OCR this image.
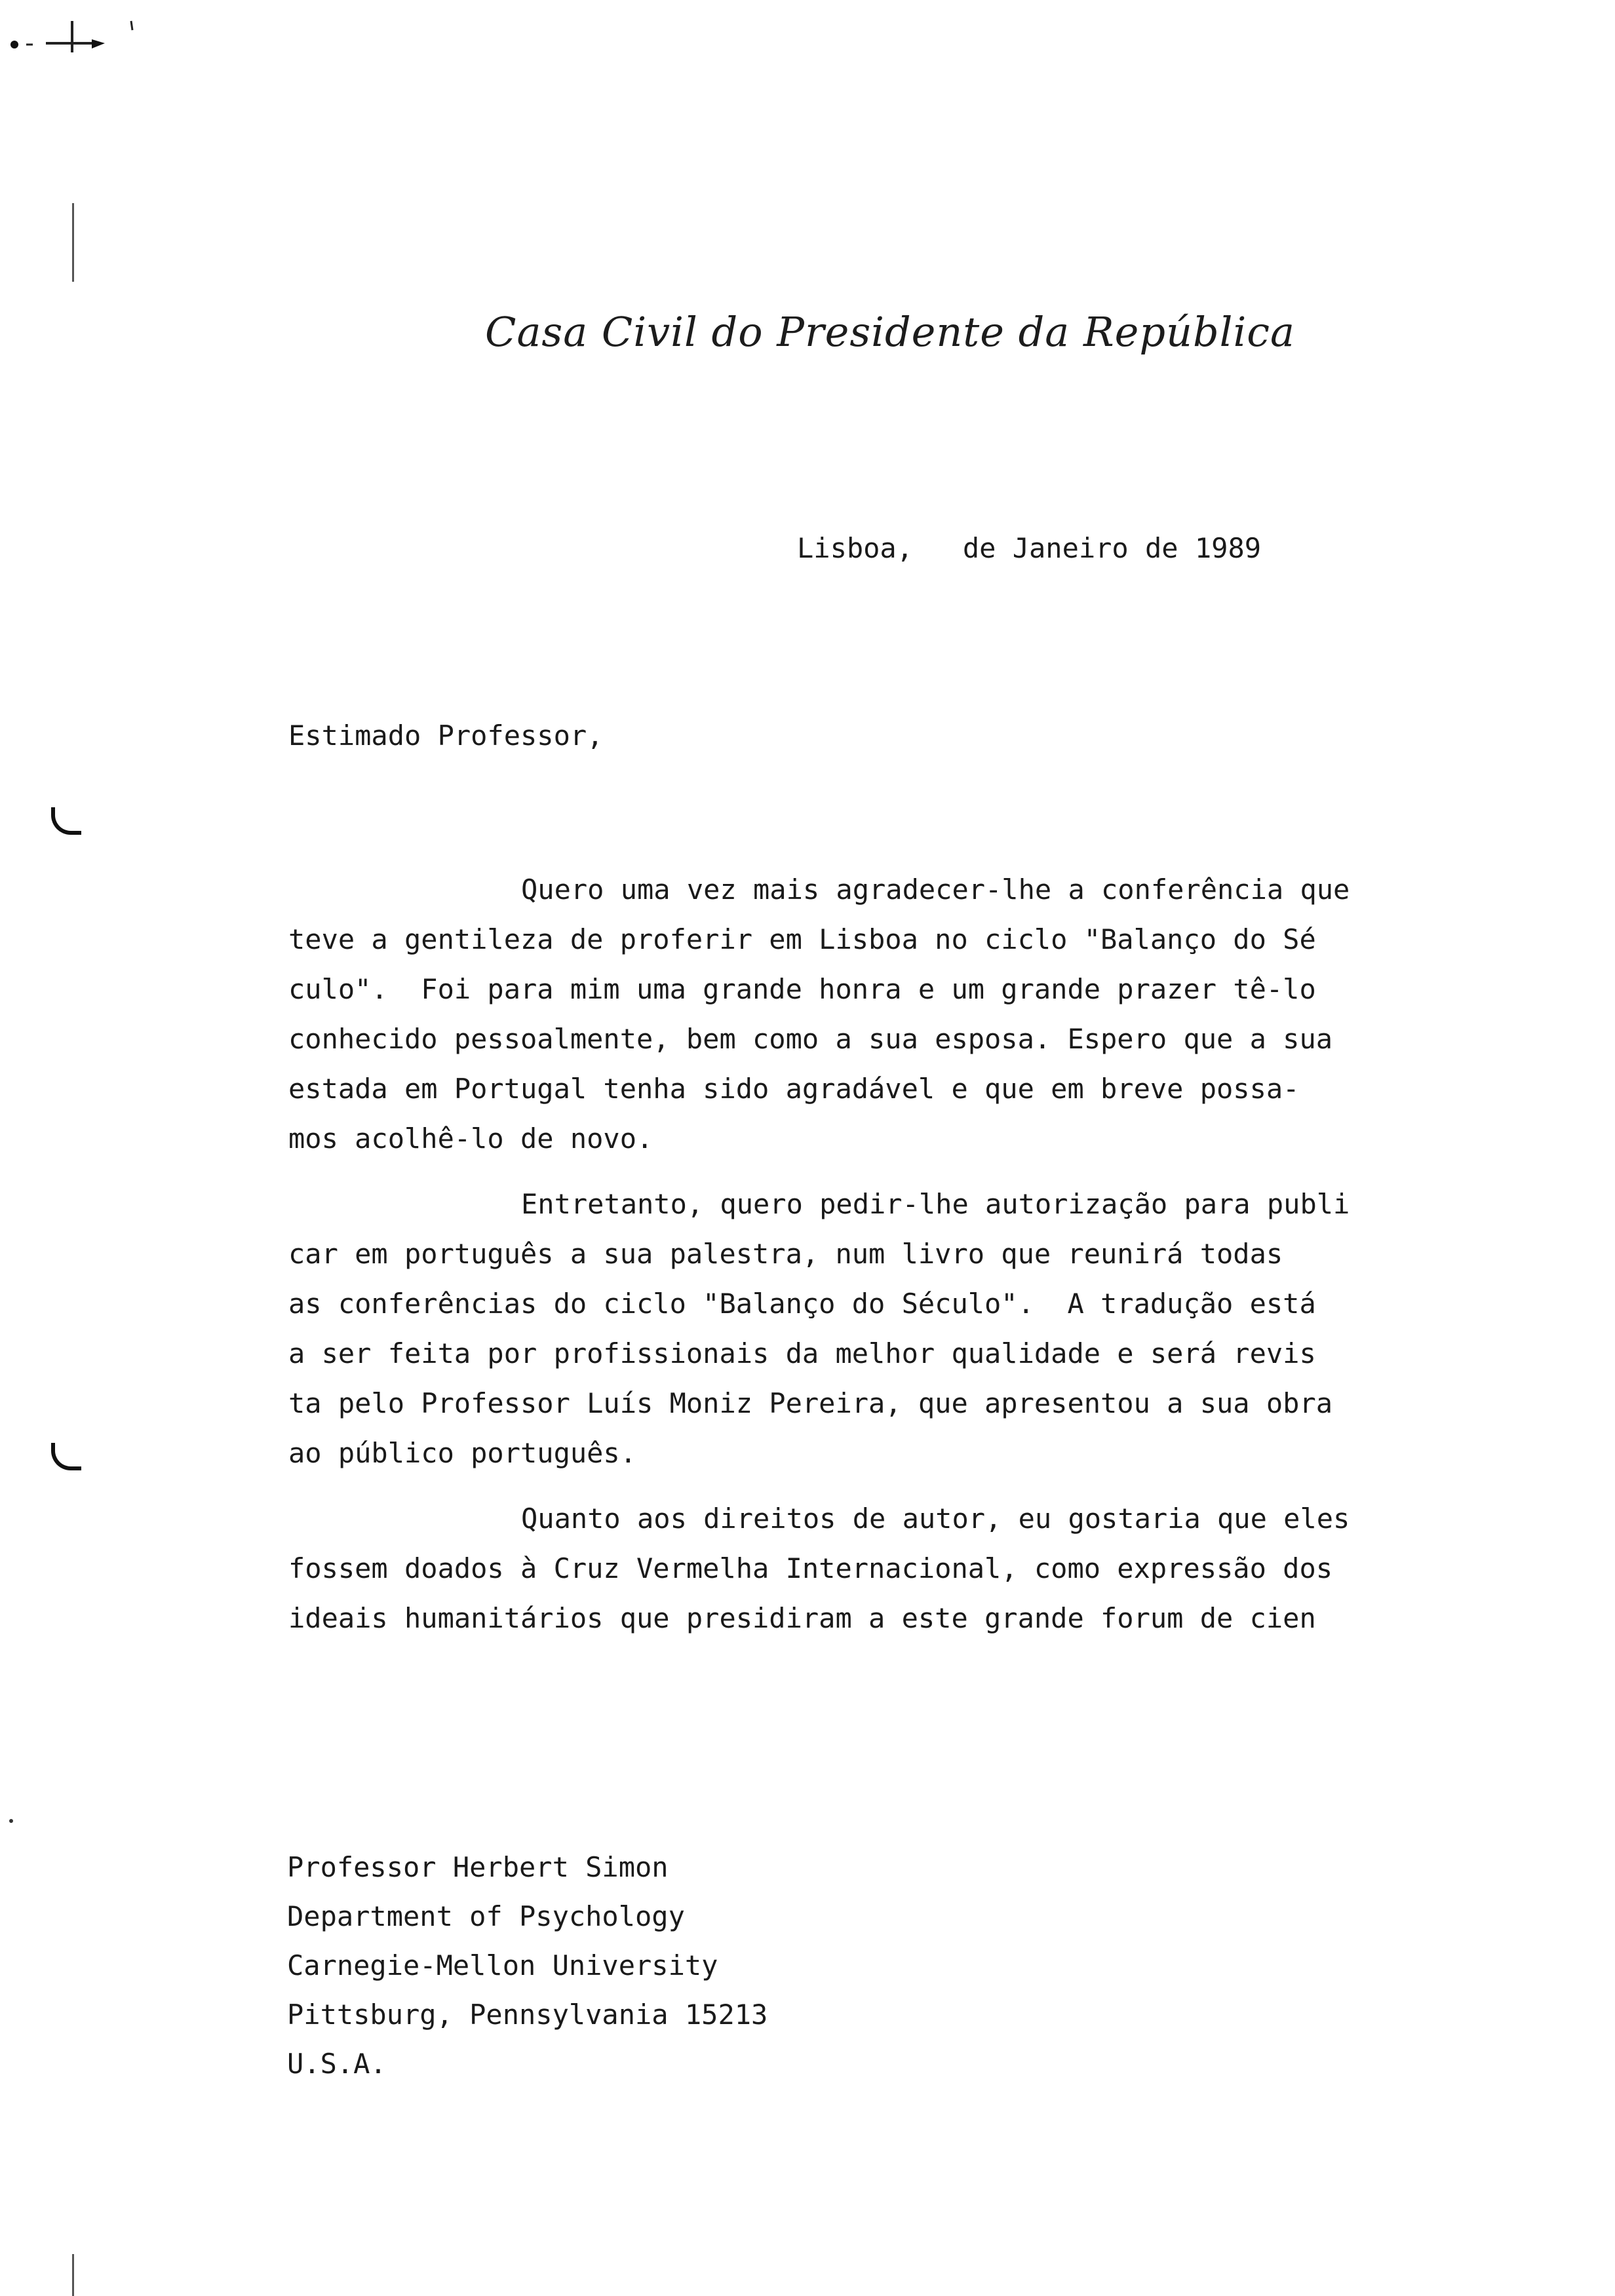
Casa Civil do Presidente da República
Lisboa,   de Janeiro de 1989
Estimado Professor,
Quero uma vez mais agradecer-lhe a conferência que
teve a gentileza de proferir em Lisboa no ciclo "Balanço do Sé
culo".  Foi para mim uma grande honra e um grande prazer tê-lo
conhecido pessoalmente, bem como a sua esposa. Espero que a sua
estada em Portugal tenha sido agradável e que em breve possa-
mos acolhê-lo de novo.
Entretanto, quero pedir-lhe autorização para publi
car em português a sua palestra, num livro que reunirá todas
as conferências do ciclo "Balanço do Século".  A tradução está
a ser feita por profissionais da melhor qualidade e será revis
ta pelo Professor Luís Moniz Pereira, que apresentou a sua obra
ao público português.
Quanto aos direitos de autor, eu gostaria que eles
fossem doados à Cruz Vermelha Internacional, como expressão dos
ideais humanitários que presidiram a este grande forum de cien
Professor Herbert Simon
Department of Psychology
Carnegie-Mellon University
Pittsburg, Pennsylvania 15213
U.S.A.
